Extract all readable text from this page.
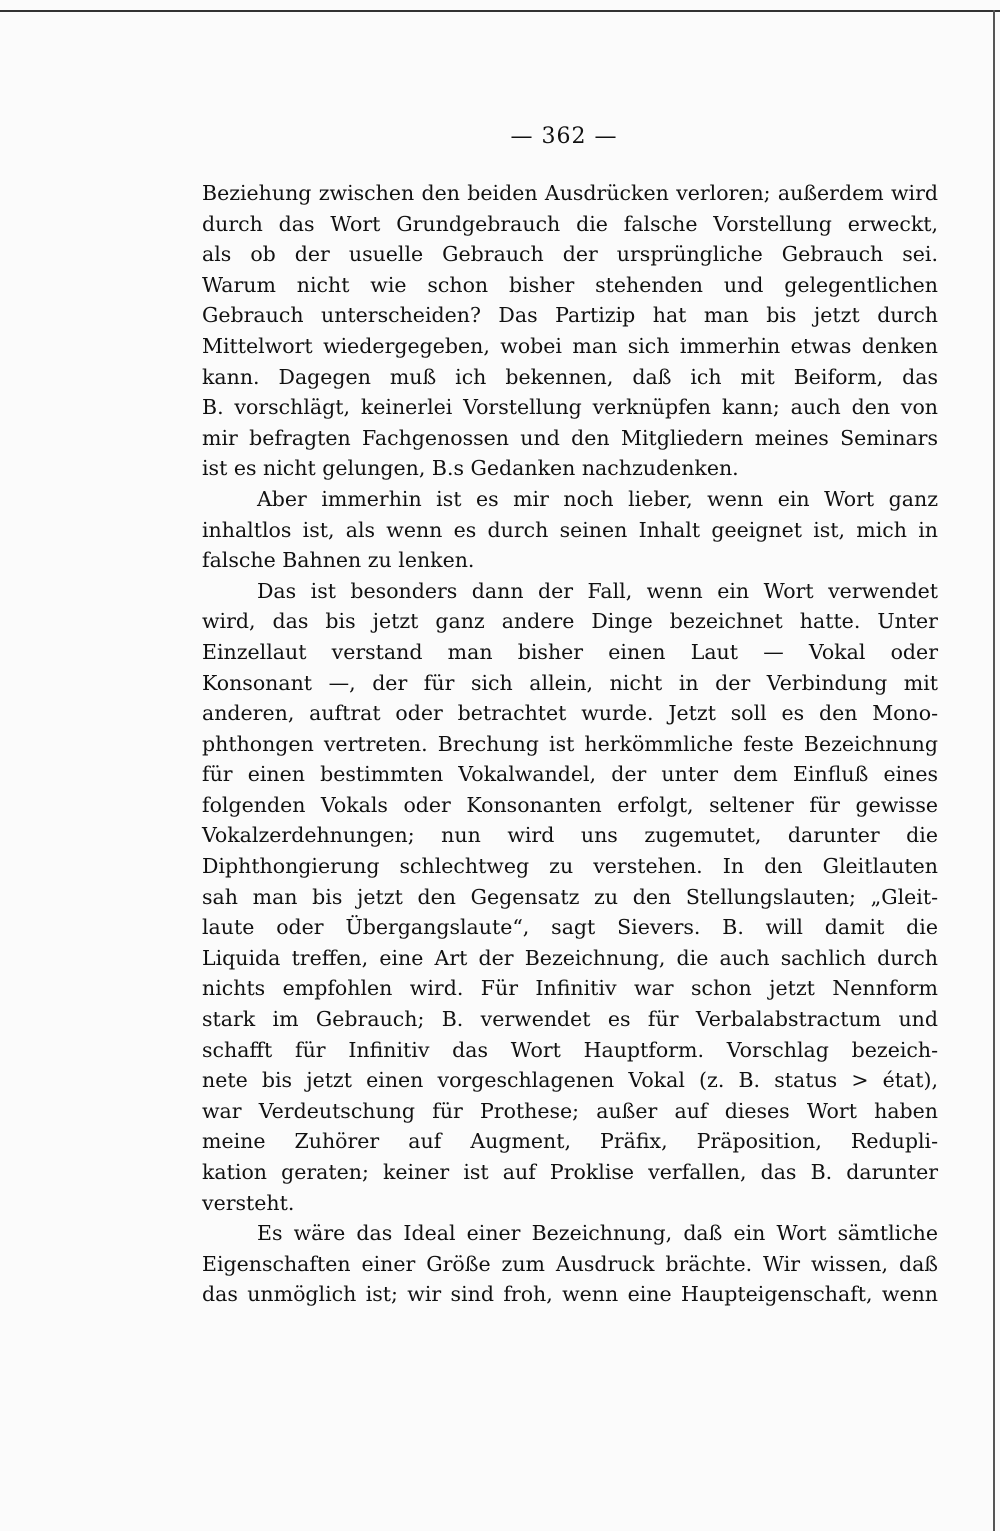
— 362 —
Beziehung zwischen den beiden Ausdrücken verloren; außerdem wird
durch das Wort Grundgebrauch die falsche Vorstellung erweckt,
als ob der usuelle Gebrauch der ursprüngliche Gebrauch sei.
Warum nicht wie schon bisher stehenden und gelegentlichen
Gebrauch unterscheiden? Das Partizip hat man bis jetzt durch
Mittelwort wiedergegeben, wobei man sich immerhin etwas denken
kann. Dagegen muß ich bekennen, daß ich mit Beiform, das
B. vorschlägt, keinerlei Vorstellung verknüpfen kann; auch den von
mir befragten Fachgenossen und den Mitgliedern meines Seminars
ist es nicht gelungen, B.s Gedanken nachzudenken.
Aber immerhin ist es mir noch lieber, wenn ein Wort ganz
inhaltlos ist, als wenn es durch seinen Inhalt geeignet ist, mich in
falsche Bahnen zu lenken.
Das ist besonders dann der Fall, wenn ein Wort verwendet
wird, das bis jetzt ganz andere Dinge bezeichnet hatte. Unter
Einzellaut verstand man bisher einen Laut — Vokal oder
Konsonant —, der für sich allein, nicht in der Verbindung mit
anderen, auftrat oder betrachtet wurde. Jetzt soll es den Mono-
phthongen vertreten. Brechung ist herkömmliche feste Bezeichnung
für einen bestimmten Vokalwandel, der unter dem Einfluß eines
folgenden Vokals oder Konsonanten erfolgt, seltener für gewisse
Vokalzerdehnungen; nun wird uns zugemutet, darunter die
Diphthongierung schlechtweg zu verstehen. In den Gleitlauten
sah man bis jetzt den Gegensatz zu den Stellungslauten; „Gleit-
laute oder Übergangslaute“, sagt Sievers. B. will damit die
Liquida treffen, eine Art der Bezeichnung, die auch sachlich durch
nichts empfohlen wird. Für Infinitiv war schon jetzt Nennform
stark im Gebrauch; B. verwendet es für Verbalabstractum und
schafft für Infinitiv das Wort Hauptform. Vorschlag bezeich-
nete bis jetzt einen vorgeschlagenen Vokal (z. B. status > état),
war Verdeutschung für Prothese; außer auf dieses Wort haben
meine Zuhörer auf Augment, Präfix, Präposition, Redupli-
kation geraten; keiner ist auf Proklise verfallen, das B. darunter
versteht.
Es wäre das Ideal einer Bezeichnung, daß ein Wort sämtliche
Eigenschaften einer Größe zum Ausdruck brächte. Wir wissen, daß
das unmöglich ist; wir sind froh, wenn eine Haupteigenschaft, wenn
